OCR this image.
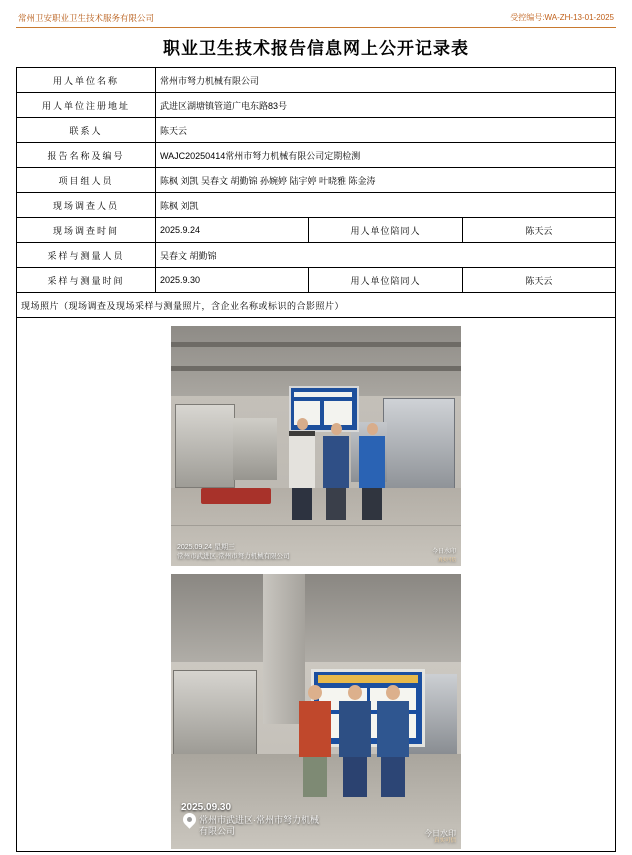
常州卫安职业卫生技术服务有限公司	受控编号:WA-ZH-13-01-2025
职业卫生技术报告信息网上公开记录表
用人单位名称	常州市弩力机械有限公司		
用人单位注册地址	武进区湖塘镇管道广电东路83号		
联系人	陈天云		
报告名称及编号	WAJC20250414常州市弩力机械有限公司定期检测		
项目组人员	陈枫 刘凯 吴春文 胡勤锦 孙婉婷 陆宇婷 叶晓雅 陈金涛		
现场调查人员	陈枫 刘凯		
现场调查时间	2025.9.24	用人单位陪同人	陈天云
采样与测量人员	吴春文 胡勤锦		
采样与测量时间	2025.9.30	用人单位陪同人	陈天云
现场照片（现场调查及现场采样与测量照片，含企业名称或标识的合影照片）			

2025.09.24 星期三
常州市武进区·常州市弩力机械有限公司
今日水印
真实可信
2025.09.30
常州市武进区·常州市弩力机械
有限公司	今日水印
真实可信
